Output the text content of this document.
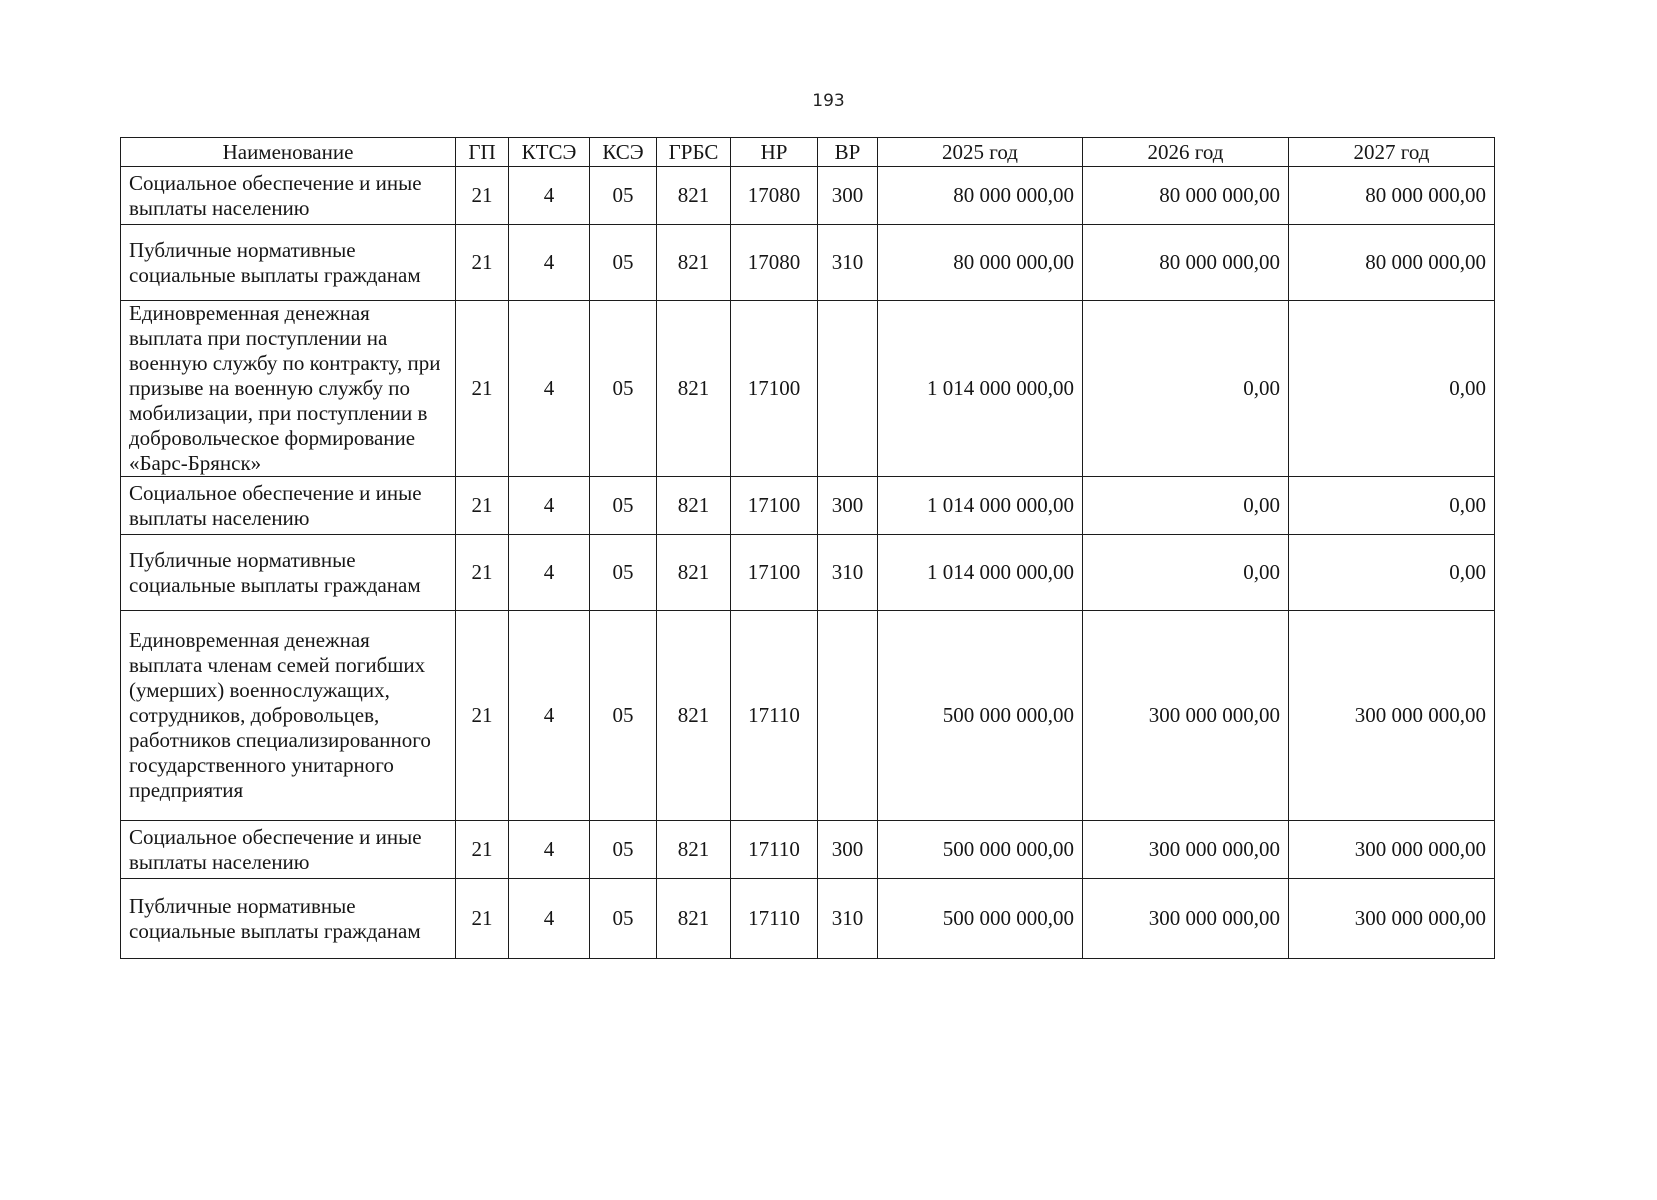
193
Наименование	ГП	КТСЭ	КСЭ	ГРБС	НР	ВР	2025 год	2026 год	2027 год
Социальное обеспечение и иные выплаты населению	21	4	05	821	17080	300	80 000 000,00	80 000 000,00	80 000 000,00
Публичные нормативные социальные выплаты гражданам	21	4	05	821	17080	310	80 000 000,00	80 000 000,00	80 000 000,00
Единовременная денежная выплата при поступлении на военную службу по контракту, при призыве на военную службу по мобилизации, при поступлении в добровольческое формирование «Барс-Брянск»	21	4	05	821	17100		1 014 000 000,00	0,00	0,00
Социальное обеспечение и иные выплаты населению	21	4	05	821	17100	300	1 014 000 000,00	0,00	0,00
Публичные нормативные социальные выплаты гражданам	21	4	05	821	17100	310	1 014 000 000,00	0,00	0,00
Единовременная денежная выплата членам семей погибших (умерших) военнослужащих, сотрудников, добровольцев, работников специализированного государственного унитарного предприятия	21	4	05	821	17110		500 000 000,00	300 000 000,00	300 000 000,00
Социальное обеспечение и иные выплаты населению	21	4	05	821	17110	300	500 000 000,00	300 000 000,00	300 000 000,00
Публичные нормативные социальные выплаты гражданам	21	4	05	821	17110	310	500 000 000,00	300 000 000,00	300 000 000,00
